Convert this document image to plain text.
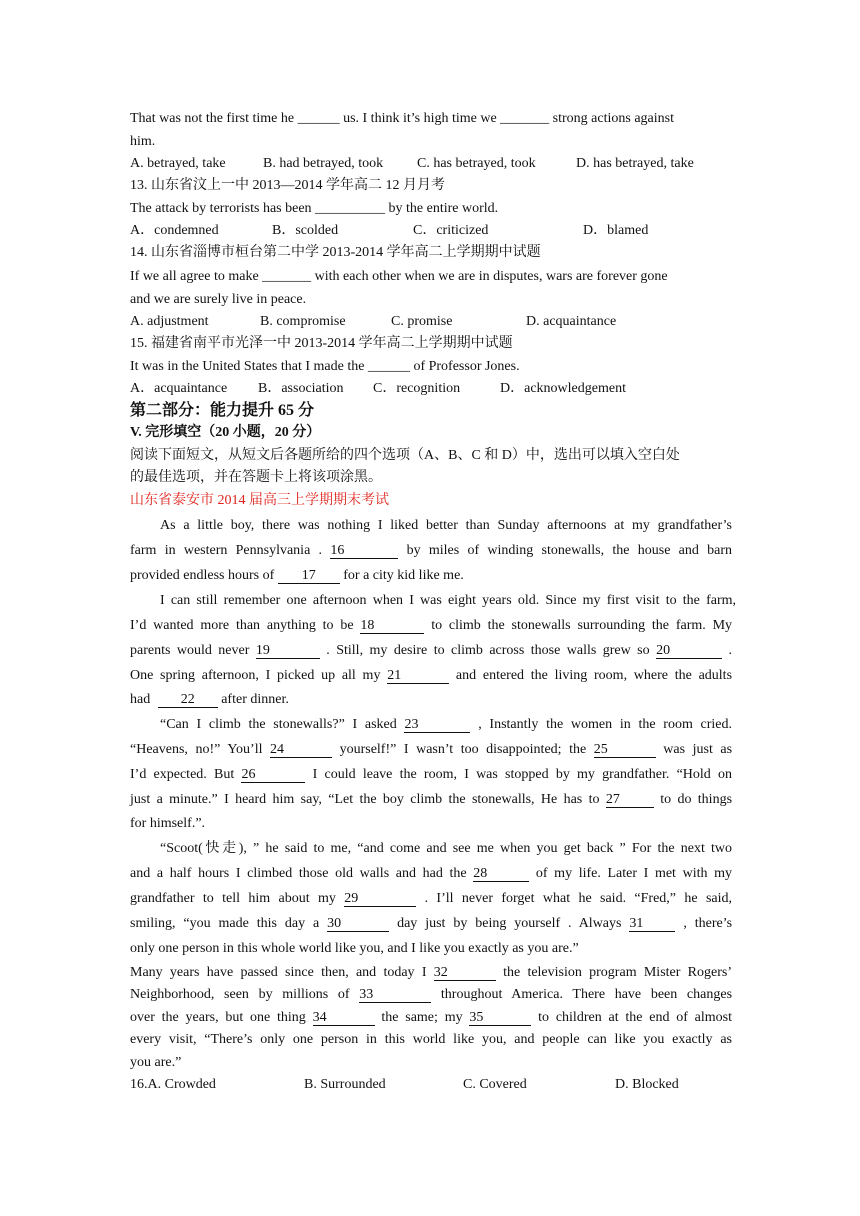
That was not the first time he ______ us. I think it’s high time we _______ strong actions against
him.
A. betrayed, take	B. had betrayed, took C. has betrayed, took	D. has betrayed, take
13. 山东省汶上一中 2013—2014 学年高二 12 月月考
The attack by terrorists has been __________ by the entire world.
A．condemned	B．scolded	C．criticized	D．blamed
14. 山东省淄博市桓台第二中学 2013-2014 学年高二上学期期中试题
If we all agree to make _______ with each other when we are in disputes, wars are forever gone
and we are surely live in peace.
A. adjustment	B. compromise	C. promise	D. acquaintance
15. 福建省南平市光泽一中 2013-2014 学年高二上学期期中试题
It was in the United States that I made the ______ of Professor Jones.
A．acquaintance B．association C．recognition	D．acknowledgement
第二部分：能力提升 65 分
V. 完形填空（20 小题，20 分）
阅读下面短文，从短文后各题所给的四个选项（A、B、C 和 D）中，选出可以填入空白处
的最佳选项，并在答题卡上将该项涂黑。
山东省泰安市 2014 届高三上学期期末考试
As a little boy, there was nothing I liked better than Sunday afternoons at my grandfather’s
farm in western Pennsylvania . 16	by miles of winding stonewalls, the house and barn
provided endless hours of 17 for a city kid like me.
I can still remember one afternoon when I was eight years old. Since my first visit to the farm,
I’d wanted more than anything to be 18	to climb the stonewalls surrounding the farm. My
parents would never 19	. Still, my desire to climb across those walls grew so 20	.
One spring afternoon, I picked up all my 21	and entered the living room, where the adults
had 22 after dinner.
“Can I climb the stonewalls?” I asked 23	, Instantly the women in the room cried.
“Heavens, no!” You’ll 24	yourself!” I wasn’t too disappointed; the 25	was just as
I’d expected. But 26	I could leave the room, I was stopped by my grandfather. “Hold on
just a minute.” I heard him say, “Let the boy climb the stonewalls, He has to 27	to do things
for himself.”.
“Scoot(快走), ” he said to me, “and come and see me when you get back ” For the next two
and a half hours I climbed those old walls and had the 28	of my life. Later I met with my
grandfather to tell him about my 29	. I’ll never forget what he said. “Fred,” he said,
smiling, “you made this day a 30	day just by being yourself . Always 31	, there’s
only one person in this whole world like you, and I like you exactly as you are.”
Many years have passed since then, and today I 32	the television program Mister Rogers’
Neighborhood, seen by millions of 33	throughout America. There have been changes
over the years, but one thing 34	the same; my 35	to children at the end of almost
every visit, “There’s only one person in this world like you, and people can like you exactly as
you are.”
16.A. Crowded	B. Surrounded	C. Covered	D. Blocked
